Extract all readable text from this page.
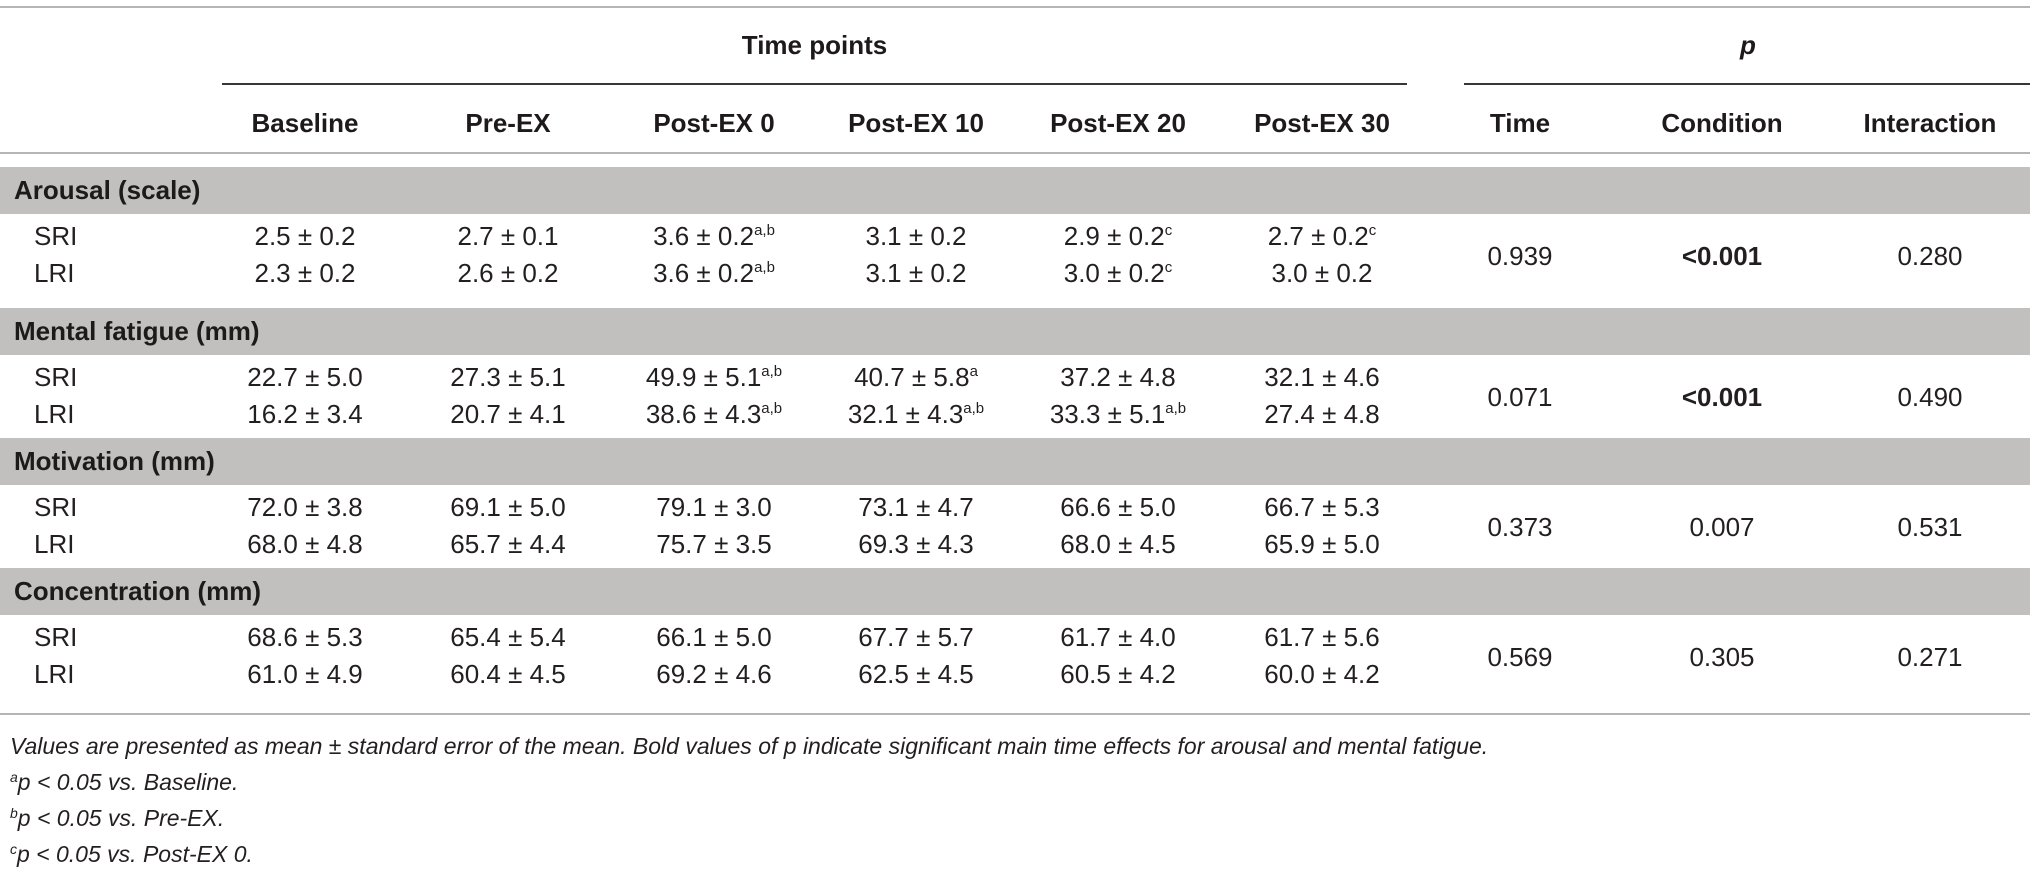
Time points	p
Baseline	Pre-EX	Post-EX 0	Post-EX 10	Post-EX 20	Post-EX 30	Time	Condition	Interaction
Arousal (scale)
SRI	2.5 ± 0.2	2.7 ± 0.1	$3.6 \pm 0.2^{a,b}$	3.1 ± 0.2	2.9 ± 0.2$^c$	2.7 ± 0.2$^c$
LRI	2.3 ± 0.2	2.6 ± 0.2	$3.6 \pm 0.2^{a,b}$	3.1 ± 0.2	3.0 ± 0.2$^c$	3.0 ± 0.2
0.939	<0.001	0.280
Mental fatigue (mm)
SRI	22.7 ± 5.0	27.3 ± 5.1	$49.9 \pm 5.1^{a,b}$	40.7 ± 5.8$^a$	37.2 ± 4.8	32.1 ± 4.6
LRI	16.2 ± 3.4	20.7 ± 4.1	$38.6 \pm 4.3^{a,b}$	$32.1 \pm 4.3^{a,b}$	$33.3 \pm 5.1^{a,b}$	27.4 ± 4.8
0.071	<0.001	0.490
Motivation (mm)
SRI	72.0 ± 3.8	69.1 ± 5.0	79.1 ± 3.0	73.1 ± 4.7	66.6 ± 5.0	66.7 ± 5.3
LRI	68.0 ± 4.8	65.7 ± 4.4	75.7 ± 3.5	69.3 ± 4.3	68.0 ± 4.5	65.9 ± 5.0
0.373	0.007	0.531
Concentration (mm)
SRI	68.6 ± 5.3	65.4 ± 5.4	66.1 ± 5.0	67.7 ± 5.7	61.7 ± 4.0	61.7 ± 5.6
LRI	61.0 ± 4.9	60.4 ± 4.5	69.2 ± 4.6	62.5 ± 4.5	60.5 ± 4.2	60.0 ± 4.2
0.569	0.305	0.271
Values are presented as mean ± standard error of the mean. Bold values of p indicate significant main time effects for arousal and mental fatigue.
$^a$p < 0.05 vs. Baseline.
$^b$p < 0.05 vs. Pre-EX.
$^c$p < 0.05 vs. Post-EX 0.
